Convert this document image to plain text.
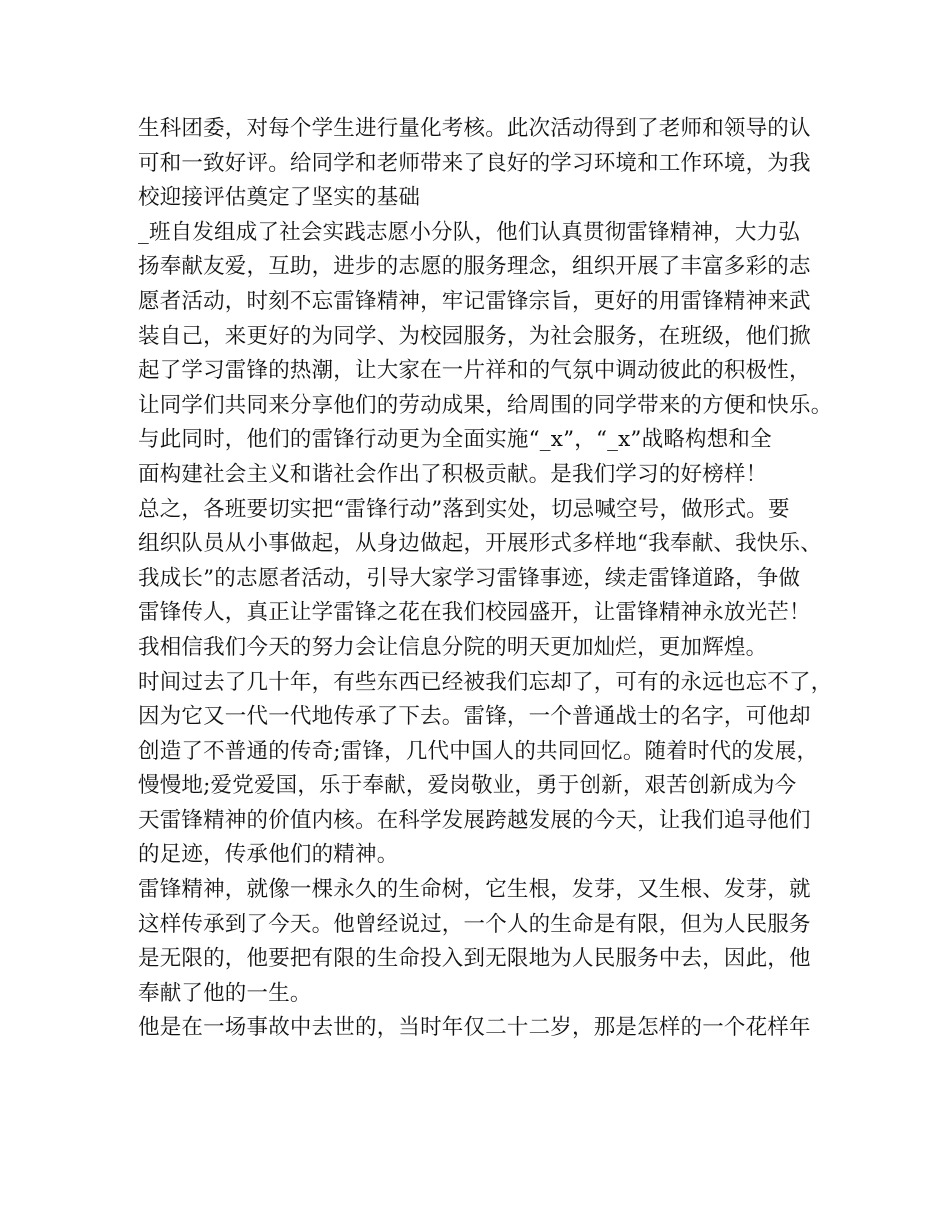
生科团委，对每个学生进行量化考核。此次活动得到了老师和领导的认
可和一致好评。给同学和老师带来了良好的学习环境和工作环境，为我
校迎接评估奠定了坚实的基础
_班自发组成了社会实践志愿小分队，他们认真贯彻雷锋精神，大力弘
扬奉献友爱，互助，进步的志愿的服务理念，组织开展了丰富多彩的志
愿者活动，时刻不忘雷锋精神，牢记雷锋宗旨，更好的用雷锋精神来武
装自己，来更好的为同学、为校园服务，为社会服务，在班级，他们掀
起了学习雷锋的热潮，让大家在一片祥和的气氛中调动彼此的积极性，
让同学们共同来分享他们的劳动成果，给周围的同学带来的方便和快乐。
与此同时，他们的雷锋行动更为全面实施“_x”，“_x”战略构想和全
面构建社会主义和谐社会作出了积极贡献。是我们学习的好榜样！
总之，各班要切实把“雷锋行动”落到实处，切忌喊空号，做形式。要
组织队员从小事做起，从身边做起，开展形式多样地“我奉献、我快乐、
我成长”的志愿者活动，引导大家学习雷锋事迹，续走雷锋道路，争做
雷锋传人，真正让学雷锋之花在我们校园盛开，让雷锋精神永放光芒！
我相信我们今天的努力会让信息分院的明天更加灿烂，更加辉煌。
时间过去了几十年，有些东西已经被我们忘却了，可有的永远也忘不了，
因为它又一代一代地传承了下去。雷锋，一个普通战士的名字，可他却
创造了不普通的传奇;雷锋，几代中国人的共同回忆。随着时代的发展，
慢慢地;爱党爱国，乐于奉献，爱岗敬业，勇于创新，艰苦创新成为今
天雷锋精神的价值内核。在科学发展跨越发展的今天，让我们追寻他们
的足迹，传承他们的精神。
雷锋精神，就像一棵永久的生命树，它生根，发芽，又生根、发芽，就
这样传承到了今天。他曾经说过，一个人的生命是有限，但为人民服务
是无限的，他要把有限的生命投入到无限地为人民服务中去，因此，他
奉献了他的一生。
他是在一场事故中去世的，当时年仅二十二岁，那是怎样的一个花样年
